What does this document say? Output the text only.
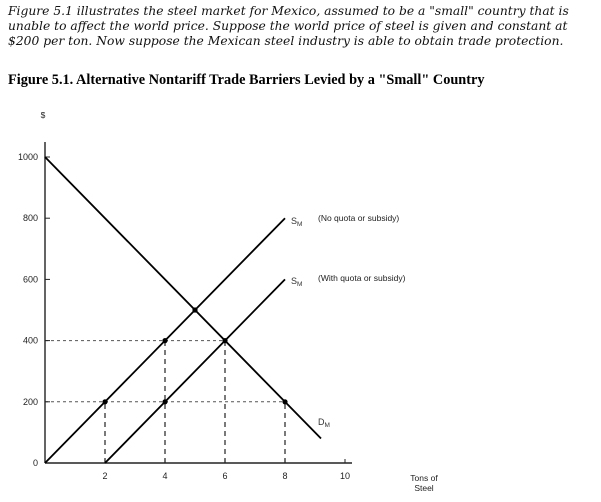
Figure 5.1 illustrates the steel market for Mexico, assumed to be a "small" country that is unable to affect the world price. Suppose the world price of steel is given and constant at $200 per ton. Now suppose the Mexican steel industry is able to obtain trade protection.
Figure 5.1. Alternative Nontariff Trade Barriers Levied by a "Small" Country
0
200
400
600
800
1000
2	4	6	8	10
$
Tons of
Steel
$S_M$
(No quota or subsidy)
$S_M$
(With quota or subsidy)
$D_M$
